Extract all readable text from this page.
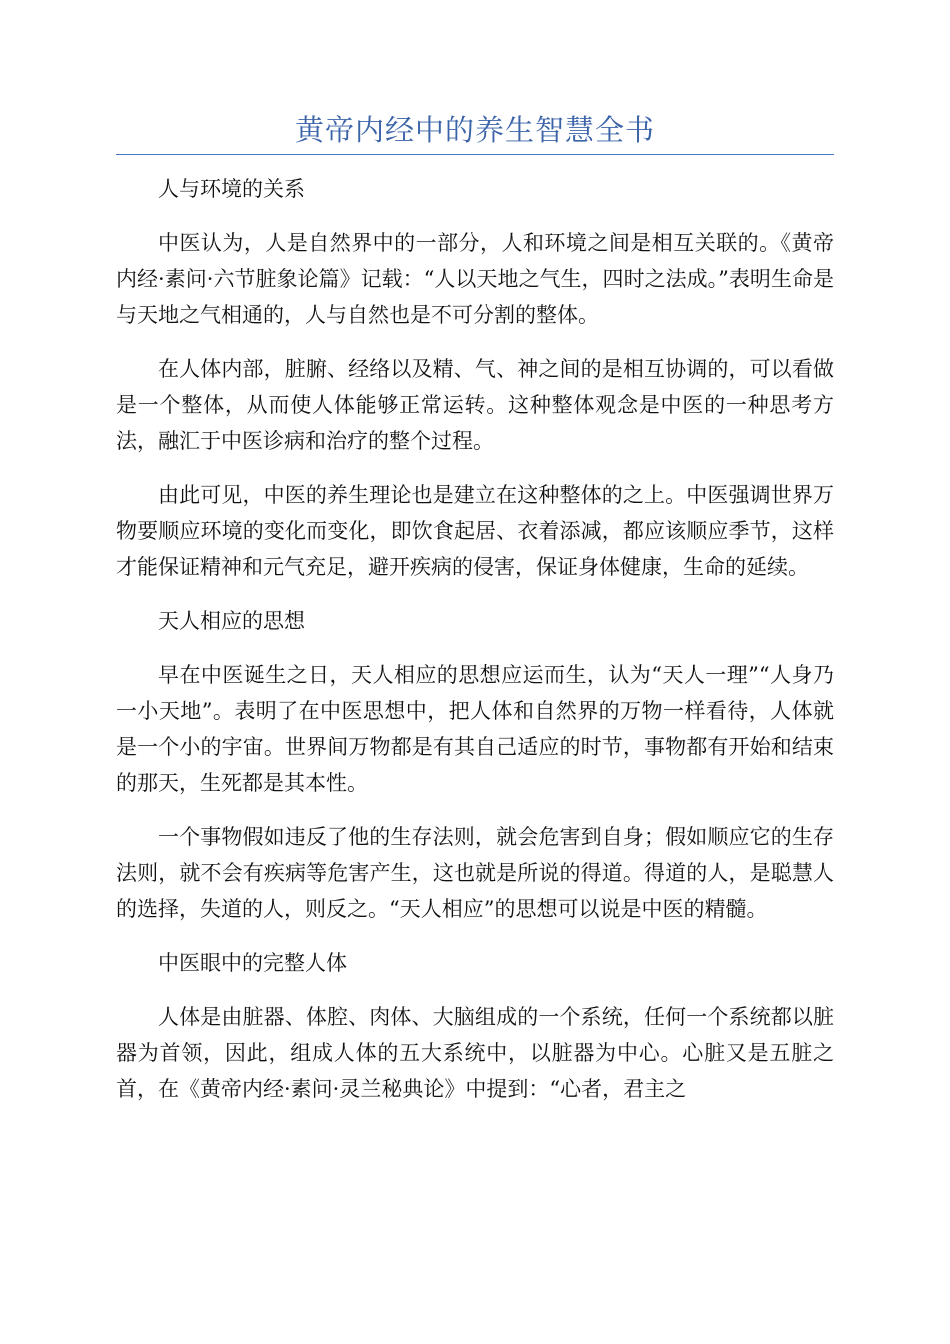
黄帝内经中的养生智慧全书

人与环境的关系

中医认为，人是自然界中的一部分，人和环境之间是相互关联的。《黄帝内经·素问·六节脏象论篇》记载：“人以天地之气生，四时之法成。”表明生命是与天地之气相通的，人与自然也是不可分割的整体。

在人体内部，脏腑、经络以及精、气、神之间的是相互协调的，可以看做是一个整体，从而使人体能够正常运转。这种整体观念是中医的一种思考方法，融汇于中医诊病和治疗的整个过程。

由此可见，中医的养生理论也是建立在这种整体的之上。中医强调世界万物要顺应环境的变化而变化，即饮食起居、衣着添减，都应该顺应季节，这样才能保证精神和元气充足，避开疾病的侵害，保证身体健康，生命的延续。

天人相应的思想

早在中医诞生之日，天人相应的思想应运而生，认为“天人一理”“人身乃一小天地”。表明了在中医思想中，把人体和自然界的万物一样看待，人体就是一个小的宇宙。世界间万物都是有其自己适应的时节，事物都有开始和结束的那天，生死都是其本性。

一个事物假如违反了他的生存法则，就会危害到自身；假如顺应它的生存法则，就不会有疾病等危害产生，这也就是所说的得道。得道的人，是聪慧人的选择，失道的人，则反之。“天人相应”的思想可以说是中医的精髓。

中医眼中的完整人体

人体是由脏器、体腔、肉体、大脑组成的一个系统，任何一个系统都以脏器为首领，因此，组成人体的五大系统中，以脏器为中心。心脏又是五脏之首，在《黄帝内经·素问·灵兰秘典论》中提到：“心者，君主之
